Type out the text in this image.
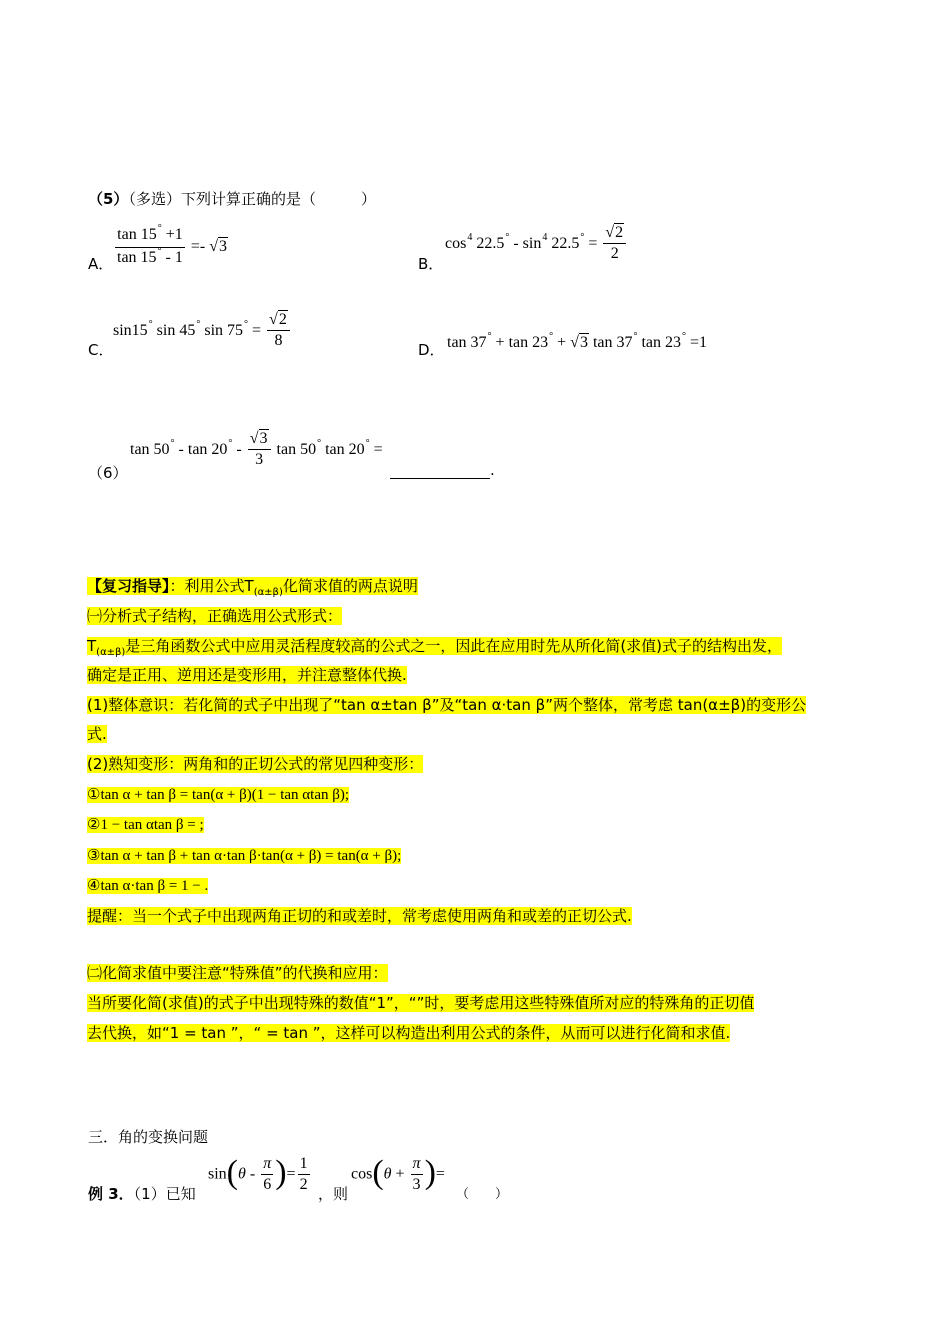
（5）（多选）下列计算正确的是（　　　）
A． $\frac{\tan 15^\circ +1}{\tan 15^\circ - 1} =- √3$
B．
$\cos^4 22.5^\circ - \sin^4 22.5^\circ = \frac{√2}{2}$
C．
sin15° sin 45° $\sin 75^\circ = \frac{√2}{8}$	D． tan 37° + tan 23° + √3 tan 37° tan 23° =1
（6）
$\tan 50^\circ - \tan 20^\circ - \frac{√3}{3}$ tan 50° tan 20° =
.
【复习指导】：利用公式$T_{(\alpha\pm\beta)}$化简求值的两点说明
㈠分析式子结构，正确选用公式形式：
$T_{(\alpha\pm\beta)}$是三角函数公式中应用灵活程度较高的公式之一，因此在应用时先从所化简(求值)式子的结构出发，
确定是正用、逆用还是变形用，并注意整体代换.
(1)整体意识：若化简的式子中出现了“tan α±tan β”及“tan α·tan β”两个整体，常考虑 tan(α±β)的变形公
式.
(2)熟知变形：两角和的正切公式的常见四种变形：
①tan α + tan β = tan(α + β)(1 − tan αtan β);
②1 − tan αtan β = ;
③tan α + tan β + tan α·tan β·tan(α + β) = tan(α + β);
④tan α·tan β = 1 − .
提醒：当一个式子中出现两角正切的和或差时，常考虑使用两角和或差的正切公式.
㈡化简求值中要注意“特殊值”的代换和应用：
当所要化简(求值)的式子中出现特殊的数值“1”，“”时，要考虑用这些特殊值所对应的特殊角的正切值
去代换，如“1 = tan ”，“ = tan ”，这样可以构造出利用公式的条件，从而可以进行化简和求值.
三．角的变换问题
例 3．（1）已知
$\sin(\theta - \frac{\pi}{6}$ )= $\frac{1}{2}$ ，则
$\cos(\theta + \frac{\pi}{3}$ )=
（　　）
